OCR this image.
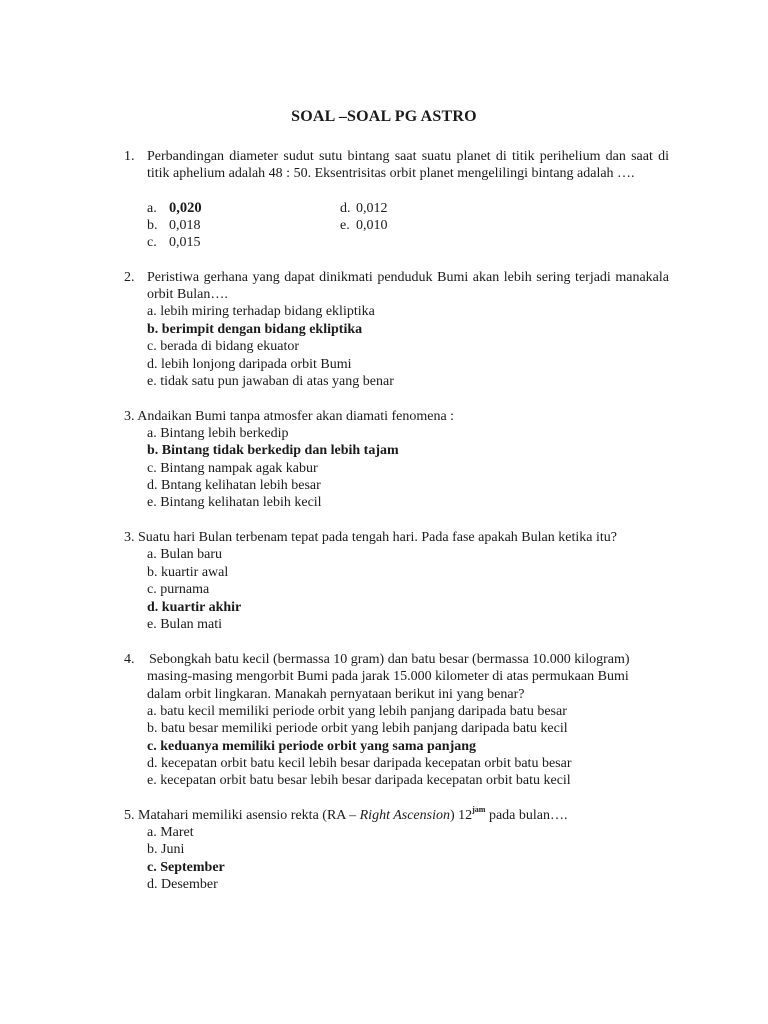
SOAL –SOAL PG ASTRO
1. Perbandingan diameter sudut sutu bintang saat suatu planet di titik perihelium dan saat di titik aphelium adalah 48 : 50. Eksentrisitas orbit planet mengelilingi bintang adalah ….
a. 0,020
b. 0,018
c. 0,015
d. 0,012
e. 0,010
2. Peristiwa gerhana yang dapat dinikmati penduduk Bumi akan lebih sering terjadi manakala orbit Bulan….
a. lebih miring terhadap bidang ekliptika
b. berimpit dengan bidang ekliptika
c. berada di bidang ekuator
d. lebih lonjong daripada orbit Bumi
e. tidak satu pun jawaban di atas yang benar
3. Andaikan Bumi tanpa atmosfer akan diamati fenomena :
a. Bintang lebih berkedip
b. Bintang tidak berkedip dan lebih tajam
c. Bintang nampak agak kabur
d. Bntang kelihatan lebih besar
e. Bintang kelihatan lebih kecil
3. Suatu hari Bulan terbenam tepat pada tengah hari. Pada fase apakah Bulan ketika itu?
a. Bulan baru
b. kuartir awal
c. purnama
d. kuartir akhir
e. Bulan mati
4. Sebongkah batu kecil (bermassa 10 gram) dan batu besar (bermassa 10.000 kilogram)
masing-masing mengorbit Bumi pada jarak 15.000 kilometer di atas permukaan Bumi
dalam orbit lingkaran. Manakah pernyataan berikut ini yang benar?
a. batu kecil memiliki periode orbit yang lebih panjang daripada batu besar
b. batu besar memiliki periode orbit yang lebih panjang daripada batu kecil
c. keduanya memiliki periode orbit yang sama panjang
d. kecepatan orbit batu kecil lebih besar daripada kecepatan orbit batu besar
e. kecepatan orbit batu besar lebih besar daripada kecepatan orbit batu kecil
5. Matahari memiliki asensio rekta (RA – Right Ascension) $12^{jam}$ pada bulan….
a. Maret
b. Juni
c. September
d. Desember
